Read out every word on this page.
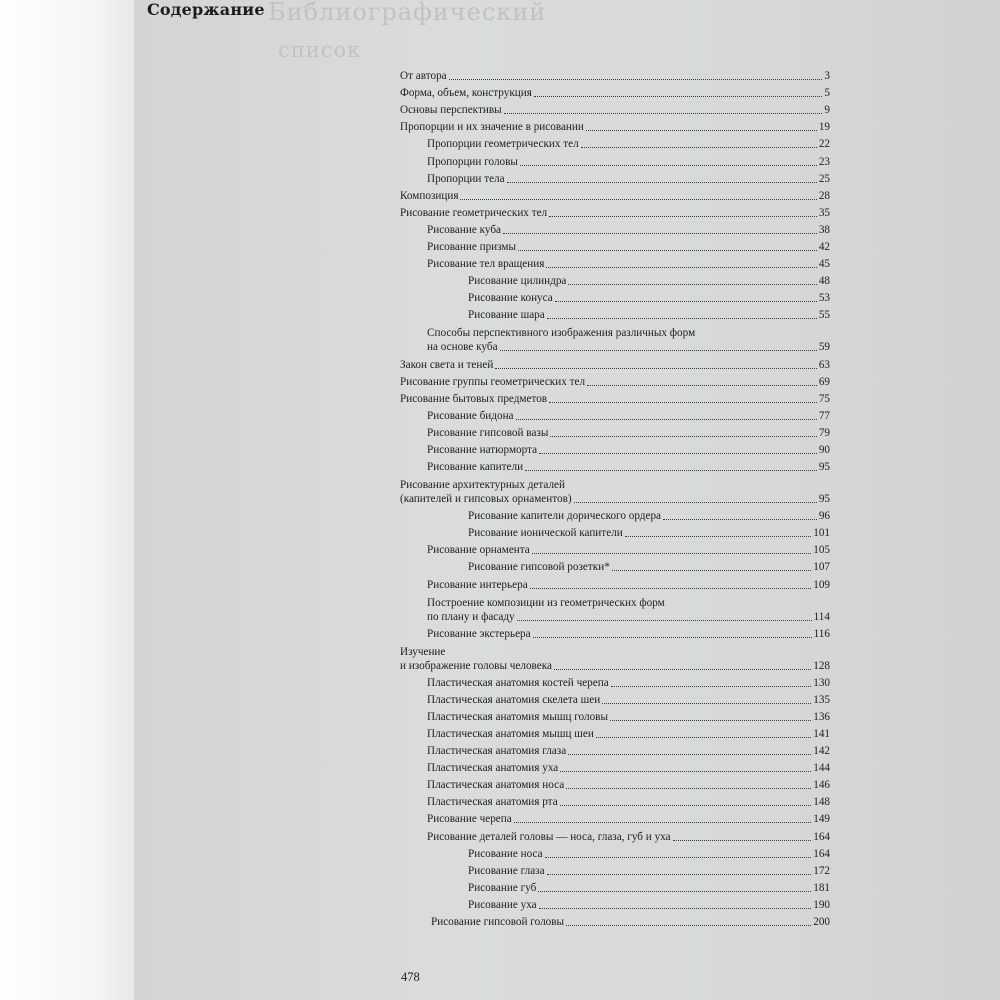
Библиографический
список
Содержание
От автора	3
Форма, объем, конструкция	5
Основы перспективы	9
Пропорции и их значение в рисовании	19
Пропорции геометрических тел	22
Пропорции головы	23
Пропорции тела	25
Композиция	28
Рисование геометрических тел	35
Рисование куба	38
Рисование призмы	42
Рисование тел вращения	45
Рисование цилиндра	48
Рисование конуса	53
Рисование шара	55
Способы перспективного изображения различных форм
на основе куба	59
Закон света и теней	63
Рисование группы геометрических тел	69
Рисование бытовых предметов	75
Рисование бидона	77
Рисование гипсовой вазы	79
Рисование натюрморта	90
Рисование капители	95
Рисование архитектурных деталей
(капителей и гипсовых орнаментов)	95
Рисование капители дорического ордера	96
Рисование ионической капители	101
Рисование орнамента	105
Рисование гипсовой розетки*	107
Рисование интерьера	109
Построение композиции из геометрических форм
по плану и фасаду	114
Рисование экстерьера	116
Изучение
и изображение головы человека	128
Пластическая анатомия костей черепа	130
Пластическая анатомия скелета шеи	135
Пластическая анатомия мышц головы	136
Пластическая анатомия мышц шеи	141
Пластическая анатомия глаза	142
Пластическая анатомия уха	144
Пластическая анатомия носа	146
Пластическая анатомия рта	148
Рисование черепа	149
Рисование деталей головы — носа, глаза, губ и уха	164
Рисование носа	164
Рисование глаза	172
Рисование губ	181
Рисование уха	190
Рисование гипсовой головы	200
478
